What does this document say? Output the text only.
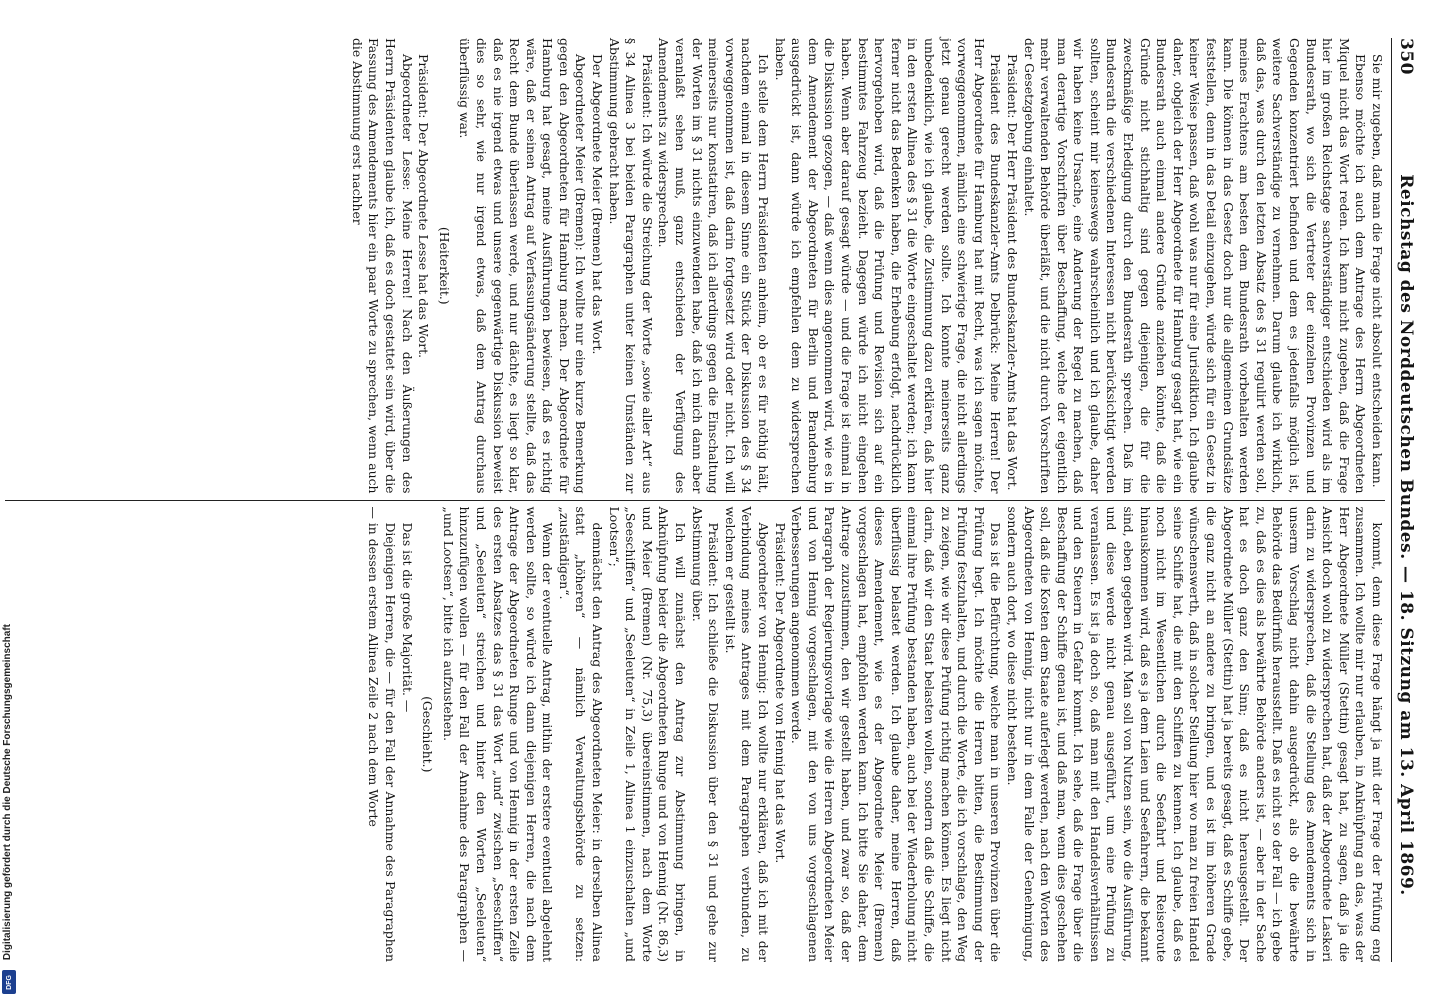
350
Reichstag des Norddeutschen Bundes. — 18. Sitzung am 13. April 1869.

Sie mir zugeben, daß man die Frage nicht absolut entscheiden kann.

Ebenso möchte ich auch dem Antrage des Herrn Abgeordneten Miquel nicht das Wort reden. Ich kann nicht zugeben, daß die Frage hier im großen Reichstage sachverständiger entschieden wird als im Bundesrath, wo sich die Vertreter der einzelnen Provinzen und Gegenden konzentriert befinden und dem es jedenfalls möglich ist, weitere Sachverständige zu vernehmen. Darum glaube ich wirklich, daß das, was durch den letzten Absatz des § 31 regulirt werden soll, meines Erachtens am besten dem Bundesrath vorbehalten werden kann. Die können in das Gesetz doch nur die allgemeinen Grundsätze feststellen, denn in das Detail einzugehen, würde sich für ein Gesetz in keiner Weise passen, daß wohl was nur für eine Jurisdiktion. Ich glaube daher, obgleich der Herr Abgeordnete für Hamburg gesagt hat, wie ein Bundesrath auch einmal andere Gründe anziehen könnte, daß die Gründe nicht stichhaltig sind gegen diejenigen, die für die zweckmäßige Erledigung durch den Bundesrath sprechen. Daß im Bundesrath die verschiedenen Interessen nicht berücksichtigt werden sollten, scheint mir keineswegs wahrscheinlich und ich glaube, daher wir haben keine Ursache, eine Anderung der Regel zu machen, daß man derartige Vorschriften über Beschaffung, welche der eigentlich mehr verwaltenden Behörde überläßt, und die nicht durch Vorschriften der Gesetzgebung einhaltet.

Präsident: Der Herr Präsident des Bundeskanzler-Amts hat das Wort.

Präsident des Bundeskanzler-Amts Delbrück: Meine Herren! Der Herr Abgeordnete für Hamburg hat mit Recht, was ich sagen möchte, vorweggenommen, nämlich eine schwierige Frage, die nicht allerdings jetzt genau gerecht werden sollte. Ich konnte meinerseits ganz unbedenklich, wie ich glaube, die Zustimmung dazu erklären, daß hier in den ersten Alinea des § 31 die Worte eingeschaltet werden; ich kann ferner nicht das Bedenken haben, die Erhebung erfolgt, nachdrücklich hervorgehoben wird, daß die Prüfung und Revision sich auf ein bestimmtes Fahrzeug bezieht. Dagegen würde ich nicht eingehen haben. Wenn aber darauf gesagt würde — und die Frage ist einmal in die Diskussion gezogen, — daß wenn dies angenommen wird, wie es in dem Amendement der Abgeordneten für Berlin und Brandenburg ausgedrückt ist, dann würde ich empfehlen dem zu widersprechen haben.

Ich stelle dem Herrn Präsidenten anheim, ob er es für nöthig hält, nachdem einmal in diesem Sinne ein Stück der Diskussion des § 34 vorweggenommen ist, daß darin fortgesetzt wird oder nicht. Ich will meinerseits nur konstatiren, daß ich allerdings gegen die Einschaltung der Worten im § 31 nichts einzuwenden habe, daß ich mich dann aber veranlaßt sehen muß, ganz entschieden der Verfügung des Amendements zu widersprechen.

Präsident: Ich würde die Streichung der Worte „sowie aller Art“ aus § 34 Alinea 3 bei beiden Paragraphen unter keinen Umständen zur Abstimmung gebracht haben.

Der Abgeordnete Meier (Bremen) hat das Wort.

Abgeordneter Meier (Bremen): Ich wollte nur eine kurze Bemerkung gegen den Abgeordneten für Hamburg machen. Der Abgeordnete für Hamburg hat gesagt, meine Ausführungen bewiesen, daß es richtig wäre, daß er seinen Antrag auf Verfassungsänderung stellte, daß das Recht dem Bunde überlassen werde, und nur dächte, es liegt so klar, daß es nie irgend etwas und unsere gegenwärtige Diskussion beweist dies so sehr, wie nur irgend etwas, daß dem Antrag durchaus überflüssig war.

(Heiterkeit.)

Präsident: Der Abgeordnete Lesse hat das Wort.

Abgeordneter Lesse: Meine Herren! Nach den Äußerungen des Herrn Präsidenten glaube ich, daß es doch gestattet sein wird, über die Fassung des Amendements hier ein paar Worte zu sprechen, wenn auch die Abstimmung erst nachher

kommt, denn diese Frage hängt ja mit der Frage der Prüfung eng zusammen. Ich wollte mir nur erlauben, in Anknüpfung an das, was der Herr Abgeordnete Müller (Stettin) gesagt hat, zu sagen, daß ja die Ansicht doch wohl zu widersprechen hat, daß der Abgeordnete Laskeri darin zu widersprechen, daß die Stellung des Amendements sich in unserm Vorschlag nicht dahin ausgedrückt, als ob die bewährte Behörde das Bedürfniß herausstellt. Daß es nicht so der Fall — ich gebe zu, daß es dies als bewährte Behörde anders ist, — aber in der Sache hat es doch ganz den Sinn; daß es nicht herausgestellt. Der Abgeordnete Müller (Stettin) hat ja bereits gesagt, daß es Schiffe gebe, die ganz nicht an andere zu bringen, und es ist im höheren Grade wünschenswerth, daß in solcher Stellung hier wo man zu freien Handel seine Schiffe hat, die mit den Schiffen zu kennen. Ich glaube, daß es noch nicht im Wesentlichen durch die Seefahrt und Reiseroute hinauskommen wird, daß es ja dem Laien und Seefahrern, die bekannt sind, eben gegeben wird. Man soll von Nutzen sein, wo die Ausführung, und diese werde nicht genau ausgeführt, um eine Prüfung zu veranlassen. Es ist ja doch so, daß man mit den Handelsverhältnissen und den Steuern in Gefahr kommt. Ich sehe, daß die Frage über die Beschaffung der Schiffe genau ist, und daß man, wenn dies geschehen soll, daß die Kosten dem Staate auferlegt werden, nach den Worten des Abgeordneten von Hennig, nicht nur in dem Falle der Genehmigung, sondern auch dort, wo diese nicht bestehen.

Das ist die Befürchtung, welche man in unseren Provinzen über die Prüfung hegt. Ich möchte die Herren bitten, die Bestimmung der Prüfung festzuhalten, und durch die Worte, die ich vorschlage, den Weg zu zeigen, wie wir diese Prüfung richtig machen können. Es liegt nicht darin, daß wir den Staat belasten wollen, sondern daß die Schiffe, die einmal ihre Prüfung bestanden haben, auch bei der Wiederholung nicht überflüssig belastet werden. Ich glaube daher, meine Herren, daß dieses Amendement, wie es der Abgeordnete Meier (Bremen) vorgeschlagen hat, empfohlen werden kann. Ich bitte Sie daher, dem Antrage zuzustimmen, den wir gestellt haben, und zwar so, daß der Paragraph der Regierungsvorlage wie die Herren Abgeordneten Meier und von Hennig vorgeschlagen, mit den von uns vorgeschlagenen Verbesserungen angenommen werde.

Präsident: Der Abgeordnete von Hennig hat das Wort.

Abgeordneter von Hennig: Ich wollte nur erklären, daß ich mit der Verbindung meines Antrages mit dem Paragraphen verbunden, zu welchem er gestellt ist.

Präsident: Ich schließe die Diskussion über den § 31 und gehe zur Abstimmung über.

Ich will zunächst den Antrag zur Abstimmung bringen, in Anknüpfung beider die Abgeordneten Runge und von Hennig (Nr. 86,3) und Meier (Bremen) (Nr. 75,3) übereinstimmen, nach dem Worte „Seeschiffen“ und „Seeleuten“ in Zeile 1, Alinea 1 einzuschalten „und Lootsen“;

demnächst den Antrag des Abgeordneten Meier: in derselben Alinea statt „höheren“ — nämlich Verwaltungsbehörde zu setzen: „zuständigen“.

Wenn der eventuelle Antrag, mithin der erstere eventuell abgelehnt werden sollte, so würde ich dann diejenigen Herren, die nach dem Antrage der Abgeordneten Runge und von Hennig in der ersten Zeile des ersten Absatzes das § 31 das Wort „und“ zwischen „Seeschiffen“ und „Seeleuten“ streichen und hinter den Worten „Seeleuten“ hinzuzufügen wollen — für den Fall der Annahme des Paragraphen — „und Lootsen“, bitte ich aufzustehen.

(Geschieht.)

Das ist die große Majorität. —

Diejenigen Herren, die — für den Fall der Annahme des Paragraphen — in dessen erstem Alinea Zeile 2 nach dem Worte

Digitalisierung gefördert durch die Deutsche Forschungsgemeinschaft
DFG
